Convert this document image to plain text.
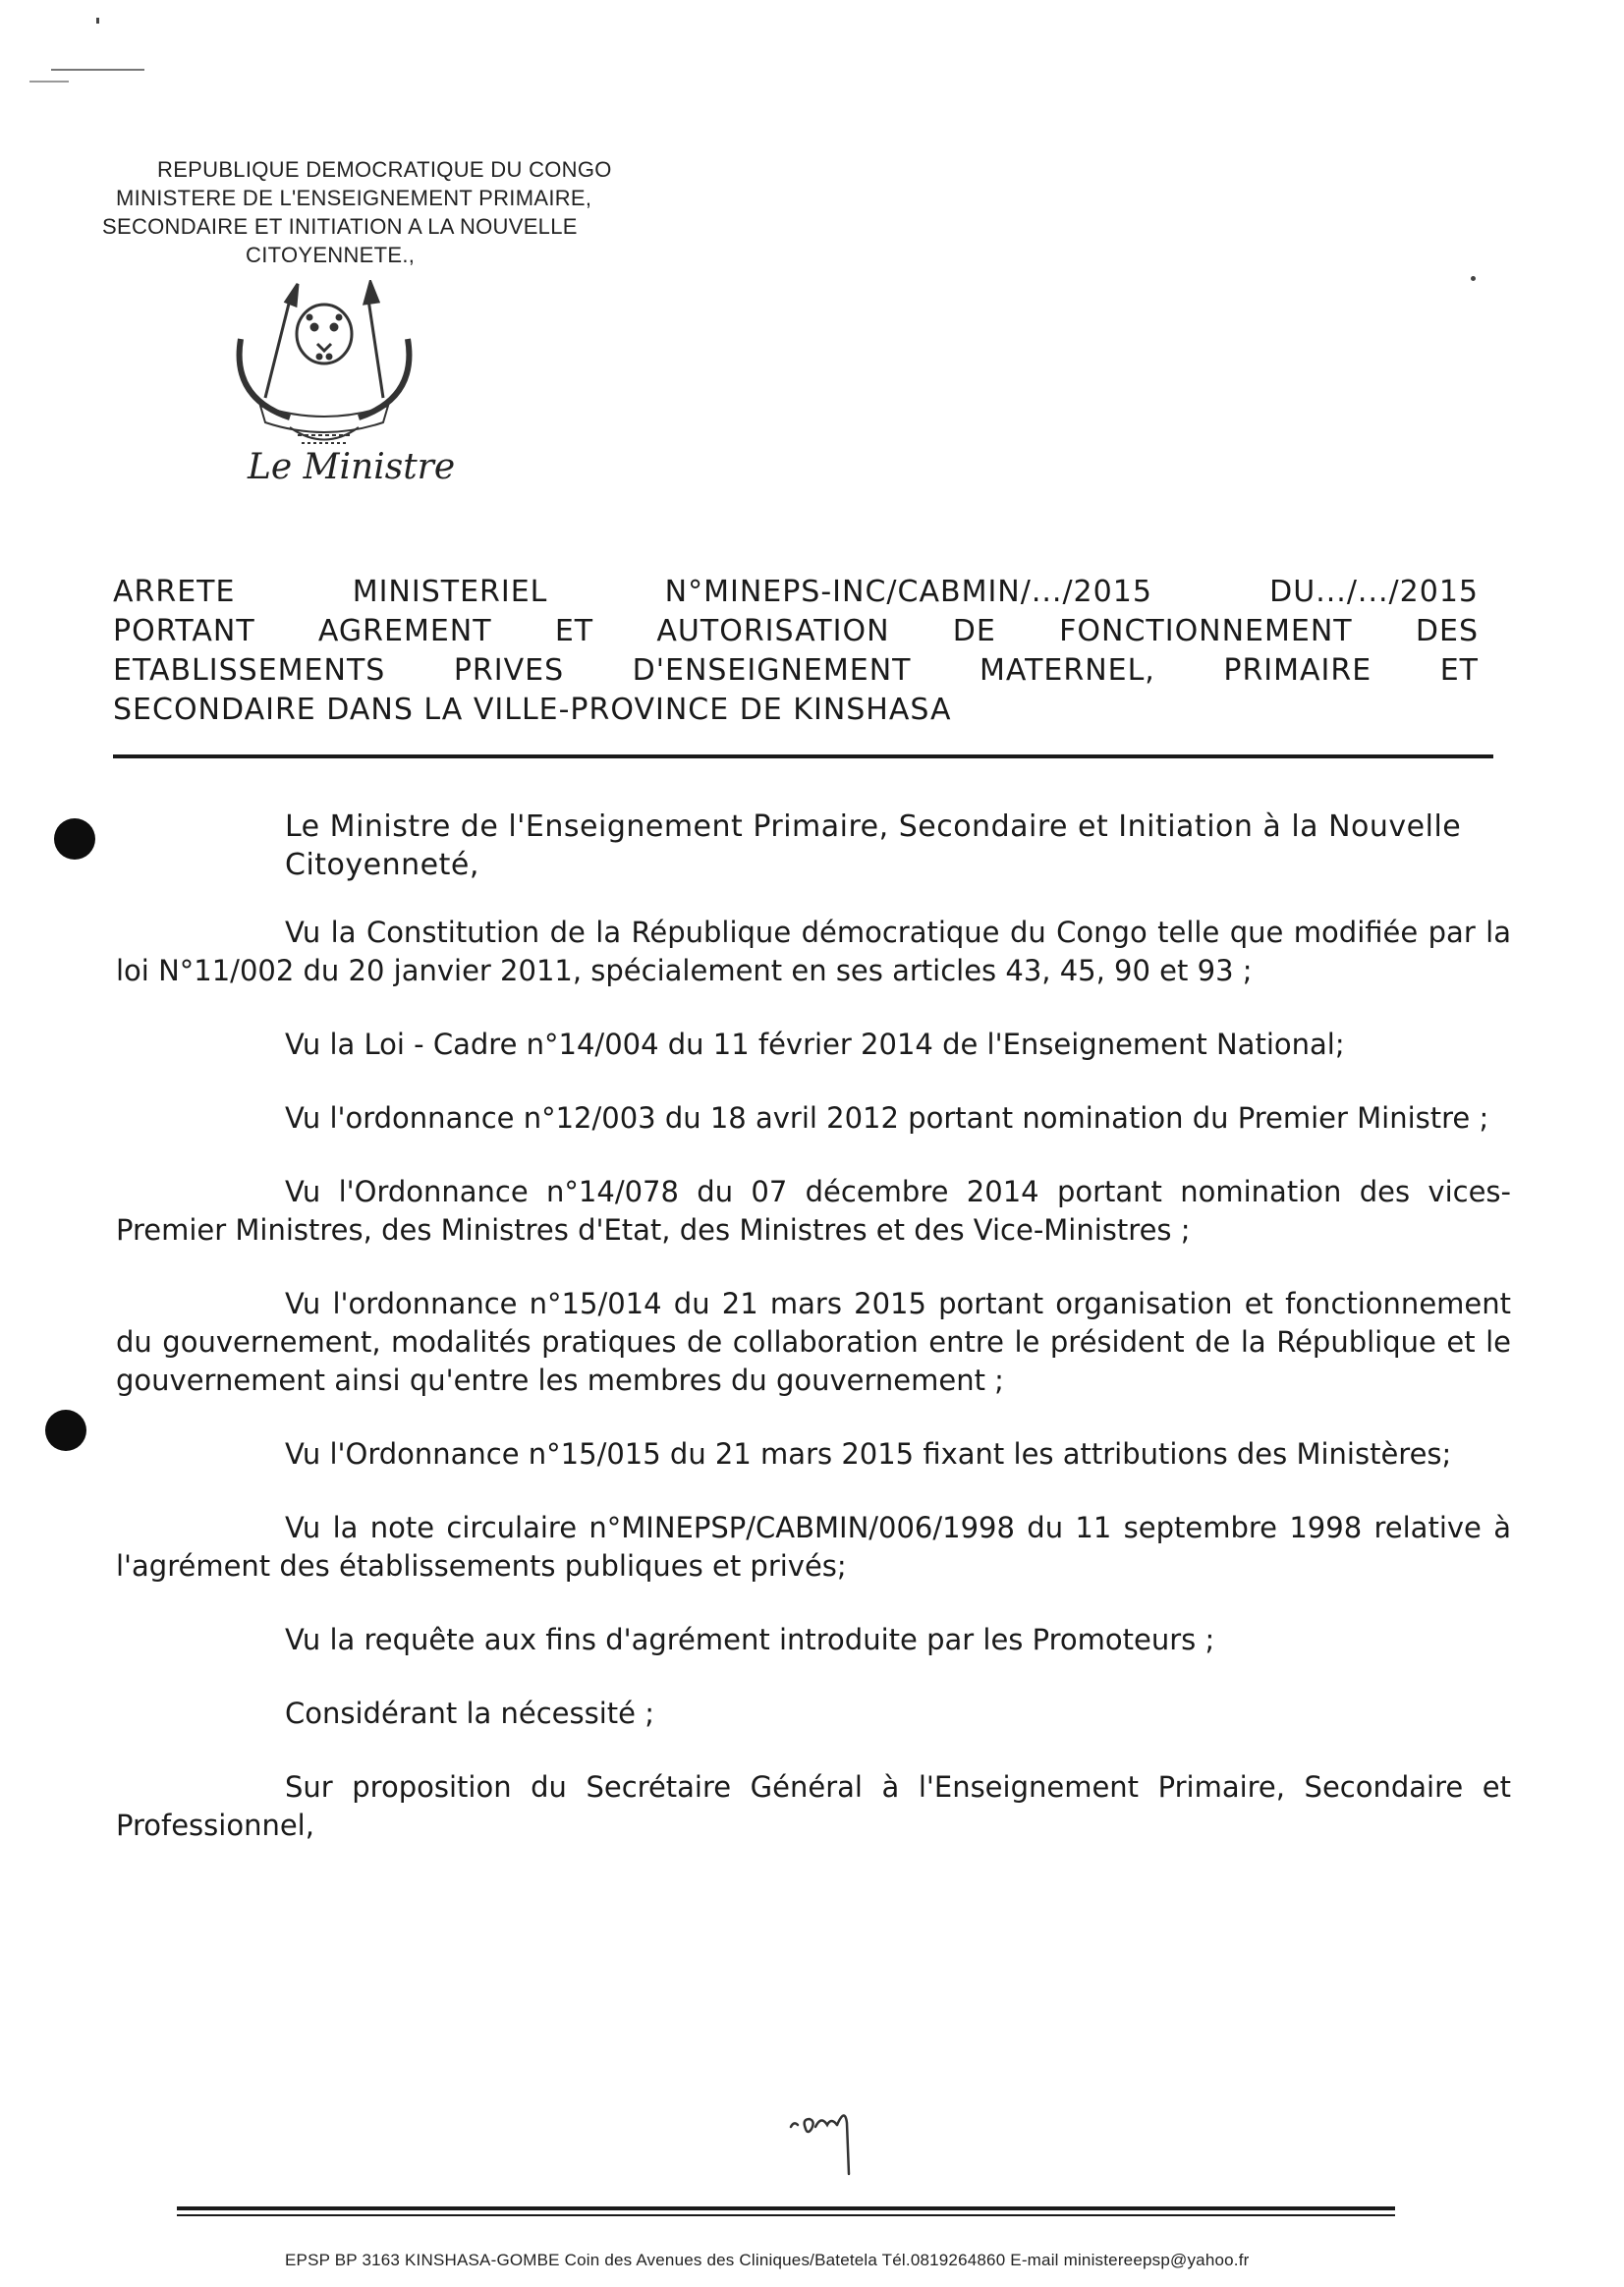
REPUBLIQUE DEMOCRATIQUE DU CONGO
MINISTERE DE L'ENSEIGNEMENT PRIMAIRE,
SECONDAIRE ET INITIATION A LA NOUVELLE
CITOYENNETE.,
Le Ministre
ARRETE MINISTERIEL N°MINEPS-INC/CABMIN/.../2015 DU.../.../2015
PORTANT AGREMENT ET AUTORISATION DE FONCTIONNEMENT DES
ETABLISSEMENTS PRIVES D'ENSEIGNEMENT MATERNEL, PRIMAIRE ET
SECONDAIRE DANS LA VILLE-PROVINCE DE KINSHASA
Le Ministre de l'Enseignement Primaire, Secondaire et Initiation à la Nouvelle Citoyenneté,

Vu la Constitution de la République démocratique du Congo telle que modifiée par la loi N°11/002 du 20 janvier 2011, spécialement en ses articles 43, 45, 90 et 93 ;

Vu la Loi - Cadre n°14/004 du 11 février 2014 de l'Enseignement National;

Vu l'ordonnance n°12/003 du 18 avril 2012 portant nomination du Premier Ministre ;

Vu l'Ordonnance n°14/078 du 07 décembre 2014 portant nomination des vices-Premier Ministres, des Ministres d'Etat, des Ministres et des Vice-Ministres ;

Vu l'ordonnance n°15/014 du 21 mars 2015 portant organisation et fonctionnement du gouvernement, modalités pratiques de collaboration entre le président de la République et le gouvernement ainsi qu'entre les membres du gouvernement ;

Vu l'Ordonnance n°15/015 du 21 mars 2015 fixant les attributions des Ministères;

Vu la note circulaire n°MINEPSP/CABMIN/006/1998 du 11 septembre 1998 relative à l'agrément des établissements publiques et privés;

Vu la requête aux fins d'agrément introduite par les Promoteurs ;

Considérant la nécessité ;

Sur proposition du Secrétaire Général à l'Enseignement Primaire, Secondaire et Professionnel,

EPSP BP 3163 KINSHASA-GOMBE Coin des Avenues des Cliniques/Batetela Tél.0819264860 E-mail ministereepsp@yahoo.fr
